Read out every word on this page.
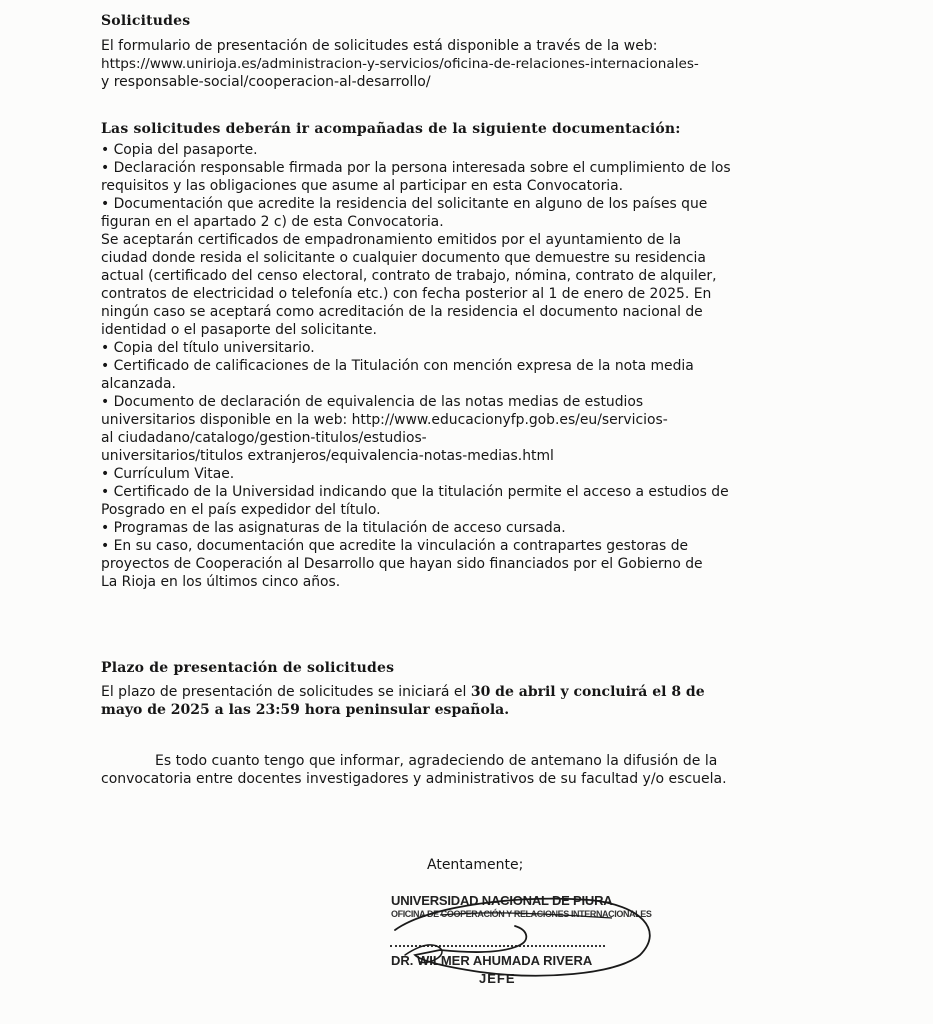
Solicitudes
El formulario de presentación de solicitudes está disponible a través de la web:
https://www.unirioja.es/administracion-y-servicios/oficina-de-relaciones-internacionales-
y responsable-social/cooperacion-al-desarrollo/
Las solicitudes deberán ir acompañadas de la siguiente documentación:
• Copia del pasaporte.
• Declaración responsable firmada por la persona interesada sobre el cumplimiento de los
requisitos y las obligaciones que asume al participar en esta Convocatoria.
• Documentación que acredite la residencia del solicitante en alguno de los países que
figuran en el apartado 2 c) de esta Convocatoria.
Se aceptarán certificados de empadronamiento emitidos por el ayuntamiento de la
ciudad donde resida el solicitante o cualquier documento que demuestre su residencia
actual (certificado del censo electoral, contrato de trabajo, nómina, contrato de alquiler,
contratos de electricidad o telefonía etc.) con fecha posterior al 1 de enero de 2025. En
ningún caso se aceptará como acreditación de la residencia el documento nacional de
identidad o el pasaporte del solicitante.
• Copia del título universitario.
• Certificado de calificaciones de la Titulación con mención expresa de la nota media
alcanzada.
• Documento de declaración de equivalencia de las notas medias de estudios
universitarios disponible en la web: http://www.educacionyfp.gob.es/eu/servicios-
al ciudadano/catalogo/gestion-titulos/estudios-
universitarios/titulos extranjeros/equivalencia-notas-medias.html
• Currículum Vitae.
• Certificado de la Universidad indicando que la titulación permite el acceso a estudios de
Posgrado en el país expedidor del título.
• Programas de las asignaturas de la titulación de acceso cursada.
• En su caso, documentación que acredite la vinculación a contrapartes gestoras de
proyectos de Cooperación al Desarrollo que hayan sido financiados por el Gobierno de
La Rioja en los últimos cinco años.
Plazo de presentación de solicitudes
El plazo de presentación de solicitudes se iniciará el 30 de abril y concluirá el 8 de
mayo de 2025 a las 23:59 hora peninsular española.
Es todo cuanto tengo que informar, agradeciendo de antemano la difusión de la
convocatoria entre docentes investigadores y administrativos de su facultad y/o escuela.

Atentamente;

UNIVERSIDAD NACIONAL DE PIURA

OFICINA DE COOPERACIÓN Y RELACIONES INTERNACIONALES

DR. WILMER AHUMADA RIVERA

JEFE
